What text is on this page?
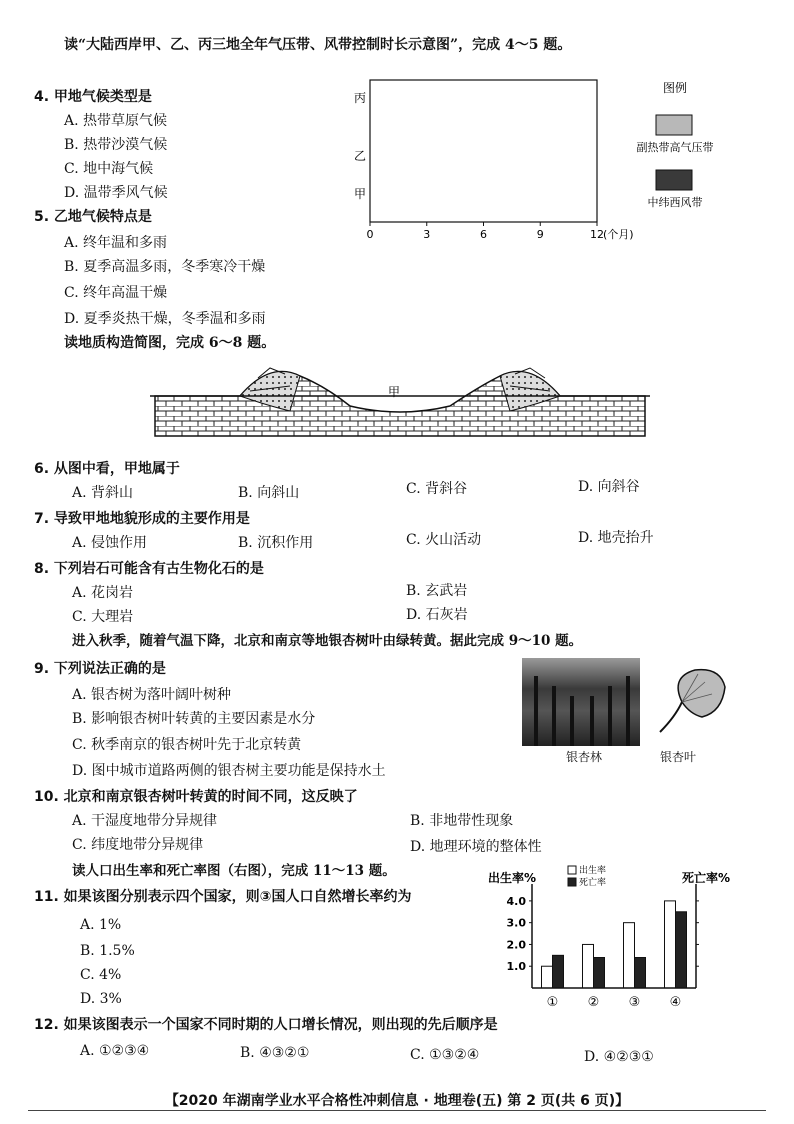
读“大陆西岸甲、乙、丙三地全年气压带、风带控制时长示意图”，完成 4～5 题。
4. 甲地气候类型是
A. 热带草原气候
B. 热带沙漠气候
C. 地中海气候
D. 温带季风气候
5. 乙地气候特点是
A. 终年温和多雨
B. 夏季高温多雨，冬季寒冷干燥
C. 终年高温干燥
D. 夏季炎热干燥，冬季温和多雨
丙
乙
甲
0	3	6	9	12 (个月)
图例
副热带高气压带
中纬西风带
读地质构造简图，完成 6～8 题。
甲
6. 从图中看，甲地属于
A. 背斜山	B. 向斜山	C. 背斜谷	D. 向斜谷
7. 导致甲地地貌形成的主要作用是
A. 侵蚀作用	B. 沉积作用	C. 火山活动	D. 地壳抬升
8. 下列岩石可能含有古生物化石的是
A. 花岗岩	B. 玄武岩
C. 大理岩	D. 石灰岩
进入秋季，随着气温下降，北京和南京等地银杏树叶由绿转黄。据此完成 9～10 题。
9. 下列说法正确的是
A. 银杏树为落叶阔叶树种
B. 影响银杏树叶转黄的主要因素是水分
C. 秋季南京的银杏树叶先于北京转黄
D. 图中城市道路两侧的银杏树主要功能是保持水土
银杏林	银杏叶
10. 北京和南京银杏树叶转黄的时间不同，这反映了
A. 干湿度地带分异规律	B. 非地带性现象
C. 纬度地带分异规律	D. 地理环境的整体性
读人口出生率和死亡率图（右图），完成 11～13 题。
11. 如果该图分别表示四个国家，则③国人口自然增长率约为
A. 1%
B. 1.5%
C. 4%
D. 3%
1.0
2.0
3.0
4.0
出生率%	死亡率%
出生率
死亡率
① ② ③ ④
12. 如果该图表示一个国家不同时期的人口增长情况，则出现的先后顺序是
A. ①②③④	B. ④③②①	C. ①③②④	D. ④②③①
【2020 年湖南学业水平合格性冲刺信息 · 地理卷(五) 第 2 页(共 6 页)】
